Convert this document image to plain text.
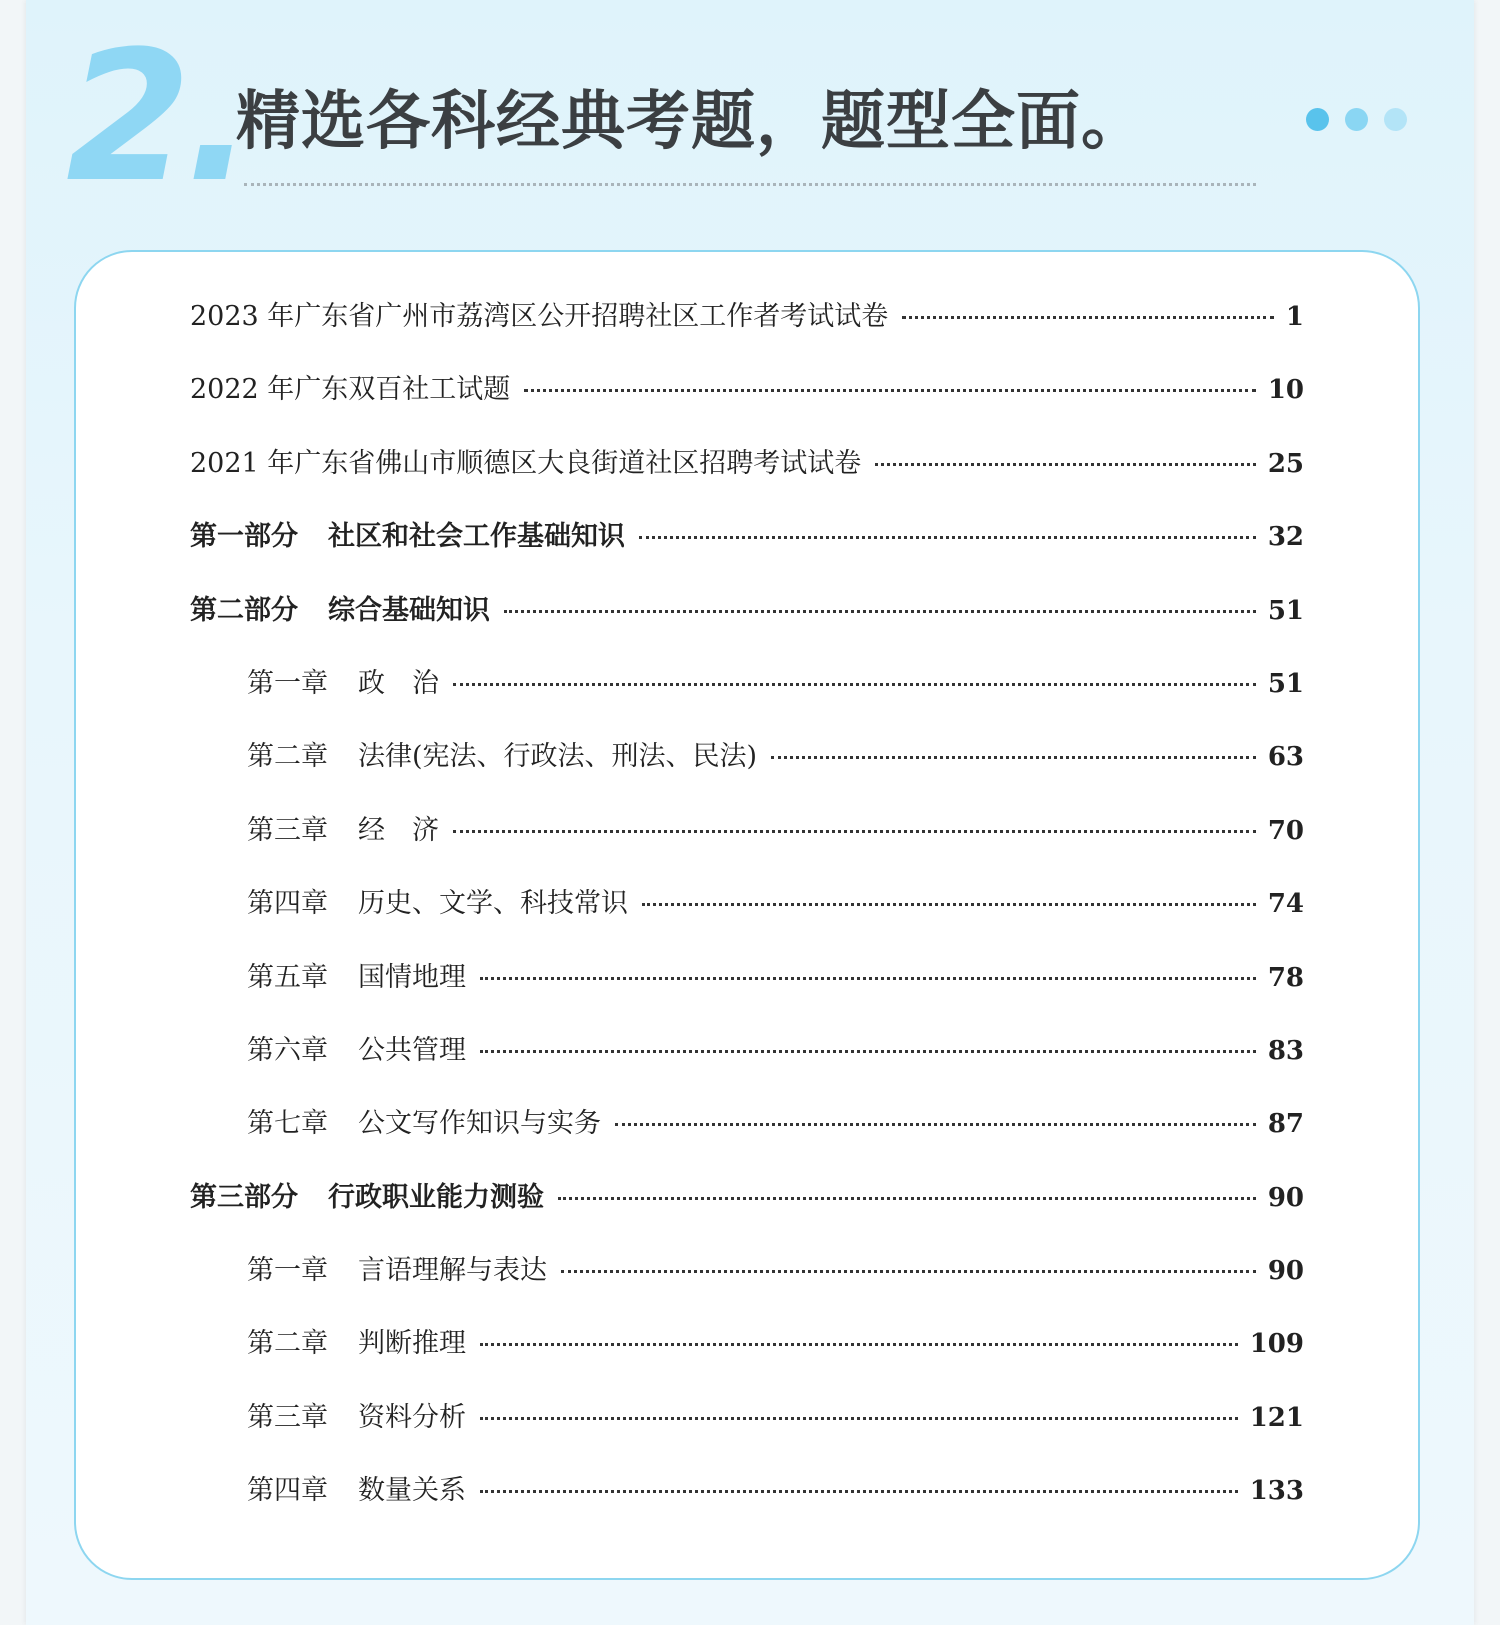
2.
精选各科经典考题，题型全面。
2023 年广东省广州市荔湾区公开招聘社区工作者考试试卷	1
2022 年广东双百社工试题	10
2021 年广东省佛山市顺德区大良街道社区招聘考试试卷	25
第一部分 社区和社会工作基础知识	32
第二部分 综合基础知识	51
第一章 政　治	51
第二章 法律(宪法、行政法、刑法、民法)	63
第三章 经　济	70
第四章 历史、文学、科技常识	74
第五章 国情地理	78
第六章 公共管理	83
第七章 公文写作知识与实务	87
第三部分 行政职业能力测验	90
第一章 言语理解与表达	90
第二章 判断推理	109
第三章 资料分析	121
第四章 数量关系	133
